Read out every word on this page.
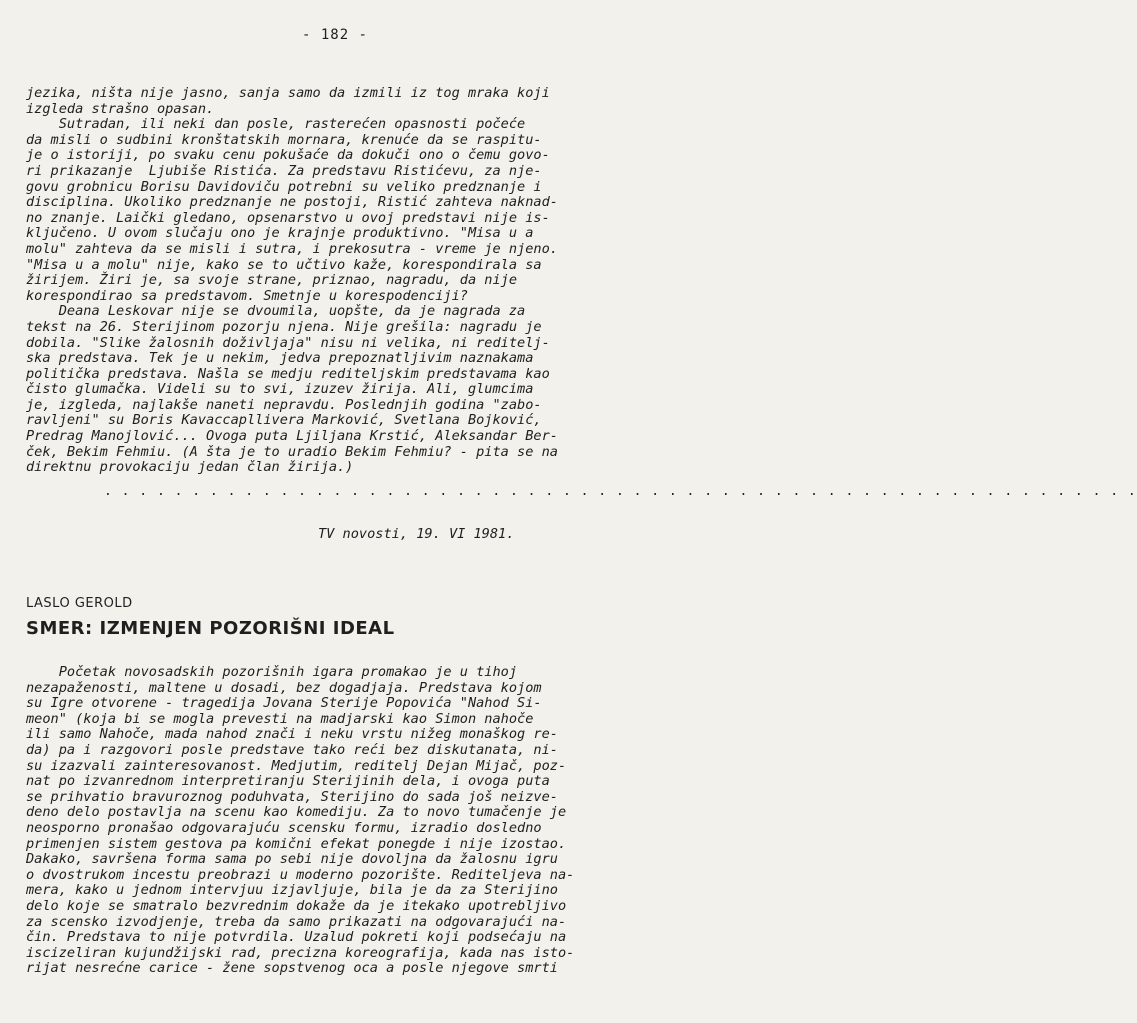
- 182 -
jezika, ništa nije jasno, sanja samo da izmili iz tog mraka koji
izgleda strašno opasan.
Sutradan, ili neki dan posle, rasterećen opasnosti počeće
da misli o sudbini kronštatskih mornara, krenuće da se raspitu-
je o istoriji, po svaku cenu pokušaće da dokuči ono o čemu govo-
ri prikazanje  Ljubiše Ristića. Za predstavu Ristićevu, za nje-
govu grobnicu Borisu Davidoviču potrebni su veliko predznanje i
disciplina. Ukoliko predznanje ne postoji, Ristić zahteva naknad-
no znanje. Laički gledano, opsenarstvo u ovoj predstavi nije is-
ključeno. U ovom slučaju ono je krajnje produktivno. "Misa u a
molu" zahteva da se misli i sutra, i prekosutra - vreme je njeno.
"Misa u a molu" nije, kako se to učtivo kaže, korespondirala sa
žirijem. Žiri je, sa svoje strane, priznao, nagradu, da nije
korespondirao sa predstavom. Smetnje u korespodenciji?
Deana Leskovar nije se dvoumila, uopšte, da je nagrada za
tekst na 26. Sterijinom pozorju njena. Nije grešila: nagradu je
dobila. "Slike žalosnih doživljaja" nisu ni velika, ni reditelj-
ska predstava. Tek je u nekim, jedva prepoznatljivim naznakama
politička predstava. Našla se medju rediteljskim predstavama kao
čisto glumačka. Videli su to svi, izuzev žirija. Ali, glumcima
je, izgleda, najlakše naneti nepravdu. Poslednjih godina "zabo-
ravljeni" su Boris Kavaccapllivera Marković, Svetlana Bojković,
Predrag Manojlović... Ovoga puta Ljiljana Krstić, Aleksandar Ber-
ček, Bekim Fehmiu. (A šta je to uradio Bekim Fehmiu? - pita se na
direktnu provokaciju jedan član žirija.)
. . . . . . . . . . . . . . . . . . . . . . . . . . . . . . . . . . . . . . . . . . . . . . . . . . . . . . . . . . .
TV novosti, 19. VI 1981.
LASLO GEROLD
SMER: IZMENJEN POZORIŠNI IDEAL
Početak novosadskih pozorišnih igara promakao je u tihoj
nezapaženosti, maltene u dosadi, bez dogadjaja. Predstava kojom
su Igre otvorene - tragedija Jovana Sterije Popovića "Nahod Si-
meon" (koja bi se mogla prevesti na madjarski kao Simon nahoče
ili samo Nahoče, mada nahod znači i neku vrstu nižeg monaškog re-
da) pa i razgovori posle predstave tako reći bez diskutanata, ni-
su izazvali zainteresovanost. Medjutim, reditelj Dejan Mijač, poz-
nat po izvanrednom interpretiranju Sterijinih dela, i ovoga puta
se prihvatio bravuroznog poduhvata, Sterijino do sada još neizve-
deno delo postavlja na scenu kao komediju. Za to novo tumačenje je
neosporno pronašao odgovarajuću scensku formu, izradio dosledno
primenjen sistem gestova pa komični efekat ponegde i nije izostao.
Dakako, savršena forma sama po sebi nije dovoljna da žalosnu igru
o dvostrukom incestu preobrazi u moderno pozorište. Rediteljeva na-
mera, kako u jednom intervjuu izjavljuje, bila je da za Sterijino
delo koje se smatralo bezvrednim dokaže da je itekako upotrebljivo
za scensko izvodjenje, treba da samo prikazati na odgovarajući na-
čin. Predstava to nije potvrdila. Uzalud pokreti koji podsećaju na
iscizeliran kujundžijski rad, precizna koreografija, kada nas isto-
rijat nesrećne carice - žene sopstvenog oca a posle njegove smrti
